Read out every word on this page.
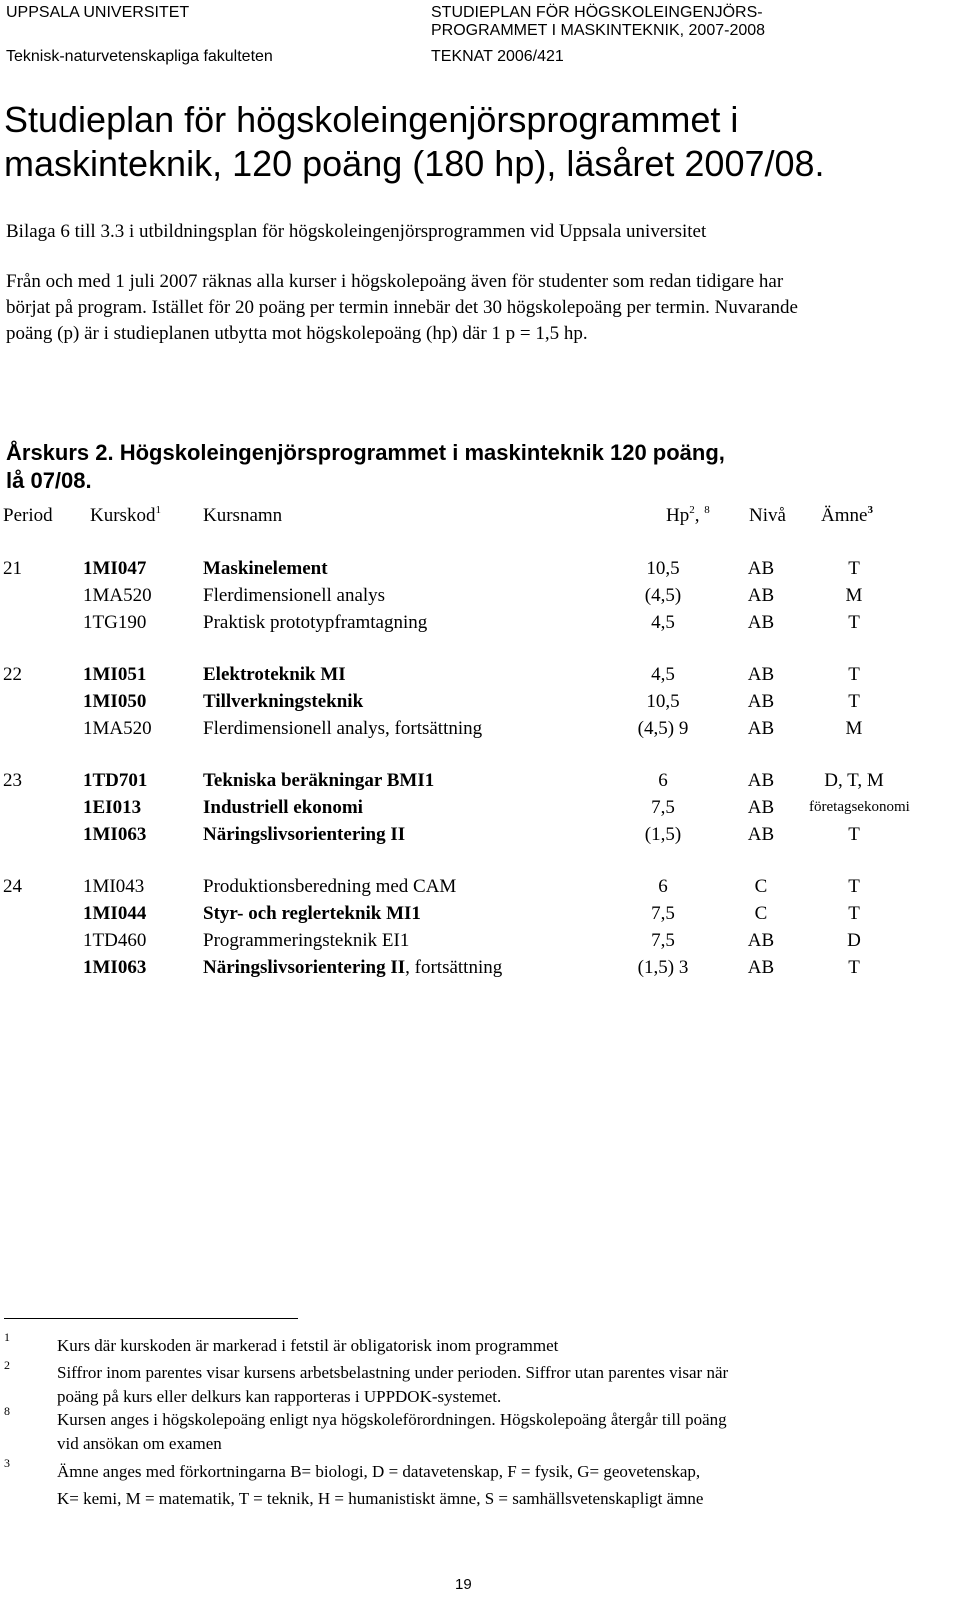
UPPSALA UNIVERSITET
Teknisk-naturvetenskapliga fakulteten
STUDIEPLAN FÖR HÖGSKOLEINGENJÖRS-
PROGRAMMET I MASKINTEKNIK, 2007-2008
TEKNAT 2006/421
Studieplan för högskoleingenjörsprogrammet i
maskinteknik, 120 poäng (180 hp), läsåret 2007/08.
Bilaga 6 till 3.3 i utbildningsplan för högskoleingenjörsprogrammen vid Uppsala universitet
Från och med 1 juli 2007 räknas alla kurser i högskolepoäng även för studenter som redan tidigare har
börjat på program. Istället för 20 poäng per termin innebär det 30 högskolepoäng per termin. Nuvarande
poäng (p) är i studieplanen utbytta mot högskolepoäng (hp) där 1 p = 1,5 hp.
Årskurs 2. Högskoleingenjörsprogrammet i maskinteknik 120 poäng,
lå 07/08.
Period Kurskod$^1$ Kursnamn	Hp$^2$, $^8$ Nivå Ämne$^3$
21	1MI047	Maskinelement	10,5	AB	T
1MA520	Flerdimensionell analys	(4,5)	AB	M
1TG190	Praktisk prototypframtagning	4,5	AB	T
22	1MI051	Elektroteknik MI	4,5	AB	T
1MI050	Tillverkningsteknik	10,5	AB	T
1MA520	Flerdimensionell analys, fortsättning	(4,5) 9	AB	M
23	1TD701	Tekniska beräkningar BMI1	6	AB	D, T, M
1EI013	Industriell ekonomi	7,5	AB	företagsekonomi
1MI063	Näringslivsorientering II	(1,5)	AB	T
24	1MI043	Produktionsberedning med CAM	6	C	T
1MI044	Styr- och reglerteknik MI1	7,5	C	T
1TD460	Programmeringsteknik EI1	7,5	AB	D
1MI063	Näringslivsorientering II, fortsättning	(1,5) 3	AB	T
1	Kurs där kurskoden är markerad i fetstil är obligatorisk inom programmet
2	Siffror inom parentes visar kursens arbetsbelastning under perioden. Siffror utan parentes visar när
poäng på kurs eller delkurs kan rapporteras i UPPDOK-systemet.
8	Kursen anges i högskolepoäng enligt nya högskoleförordningen. Högskolepoäng återgår till poäng
vid ansökan om examen
3	Ämne anges med förkortningarna B= biologi, D = datavetenskap, F = fysik, G= geovetenskap,
K= kemi, M = matematik, T = teknik, H = humanistiskt ämne, S = samhällsvetenskapligt ämne
19
